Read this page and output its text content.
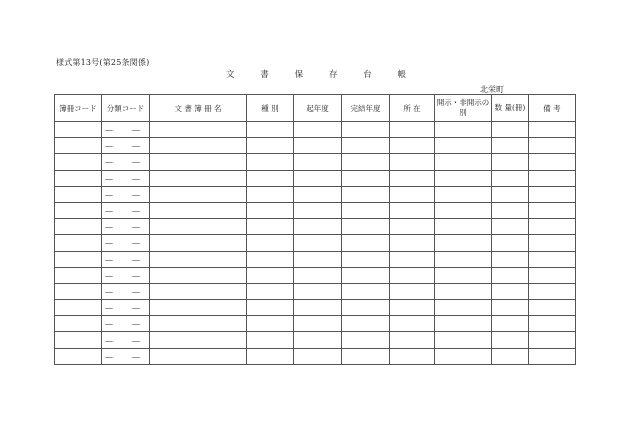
様式第13号(第25条関係)
文	書	保	存	台	帳
北栄町
簿冊コード	分類コード	文 書 簿 冊 名	種 別	起年度	完結年度	所 在	開示・非開示の別	数 量(冊)	備 考
	―　―								
	―　―								
	―　―								
	―　―								
	―　―								
	―　―								
	―　―								
	―　―								
	―　―								
	―　―								
	―　―								
	―　―								
	―　―								
	―　―								
	―　―								
